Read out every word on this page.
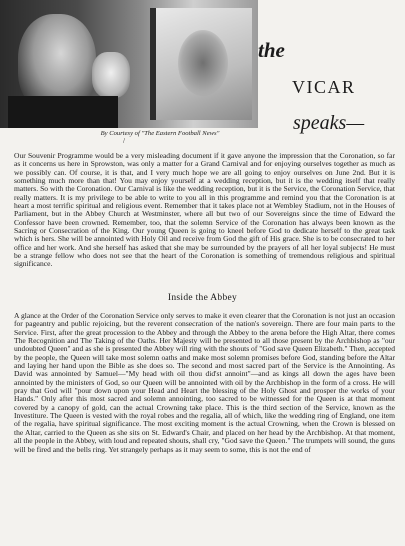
By Courtesy of "The Eastern Football News"
/
the
VICAR
speaks—
Our Souvenir Programme would be a very misleading document if it gave anyone the impression that the Coronation, so far as it concerns us here in Sprowston, was only a matter for a Grand Carnival and for enjoying ourselves together as much as we possibly can. Of course, it is that, and I very much hope we are all going to enjoy ourselves on June 2nd. But it is something much more than that! You may enjoy yourself at a wedding reception, but it is the wedding itself that really matters. So with the Coronation. Our Carnival is like the wedding reception, but it is the Service, the Coronation Service, that really matters. It is my privilege to be able to write to you all in this programme and remind you that the Coronation is at heart a most terrific spiritual and religious event. Remember that it takes place not at Wembley Stadium, not in the Houses of Parliament, but in the Abbey Church at Westminster, where all but two of our Sovereigns since the time of Edward the Confessor have been crowned. Remember, too, that the solemn Service of the Coronation has always been known as the Sacring or Consecration of the King. Our young Queen is going to kneel before God to dedicate herself to the great task which is hers. She will be annointed with Holy Oil and receive from God the gift of His grace. She is to be consecrated to her office and her work. And she herself has asked that she may be surrounded by the prayers of all her loyal subjects! He must be a strange fellow who does not see that the heart of the Coronation is something of tremendous religious and spiritual significance.
Inside the Abbey
A glance at the Order of the Coronation Service only serves to make it even clearer that the Coronation is not just an occasion for pageantry and public rejoicing, but the reverent consecration of the nation's sovereign. There are four main parts to the Service. First, after the great procession to the Abbey and through the Abbey to the arena before the High Altar, there comes The Recognition and The Taking of the Oaths. Her Majesty will be presented to all those present by the Archbishop as "our undoubted Queen" and as she is presented the Abbey will ring with the shouts of "God save Queen Elizabeth." Then, accepted by the people, the Queen will take most solemn oaths and make most solemn promises before God, standing before the Altar and laying her hand upon the Bible as she does so. The second and most sacred part of the Service is the Annointing. As David was annointed by Samuel—"My head with oil thou did'st annoint"—and as kings all down the ages have been annointed by the ministers of God, so our Queen will be annointed with oil by the Archbishop in the form of a cross. He will pray that God will "pour down upon your Head and Heart the blessing of the Holy Ghost and prosper the works of your Hands." Only after this most sacred and solemn annointing, too sacred to be witnessed for the Queen is at that moment covered by a canopy of gold, can the actual Crowning take place. This is the third section of the Service, known as the Investiture. The Queen is vested with the royal robes and the regalia, all of which, like the wedding ring of England, one item of the regalia, have spiritual significance. The most exciting moment is the actual Crowning, when the Crown is blessed on the Altar, carried to the Queen as she sits on St. Edward's Chair, and placed on her head by the Archbishop. At that moment, all the people in the Abbey, with loud and repeated shouts, shall cry, "God save the Queen." The trumpets will sound, the guns will be fired and the bells ring. Yet strangely perhaps as it may seem to some, this is not the end of
